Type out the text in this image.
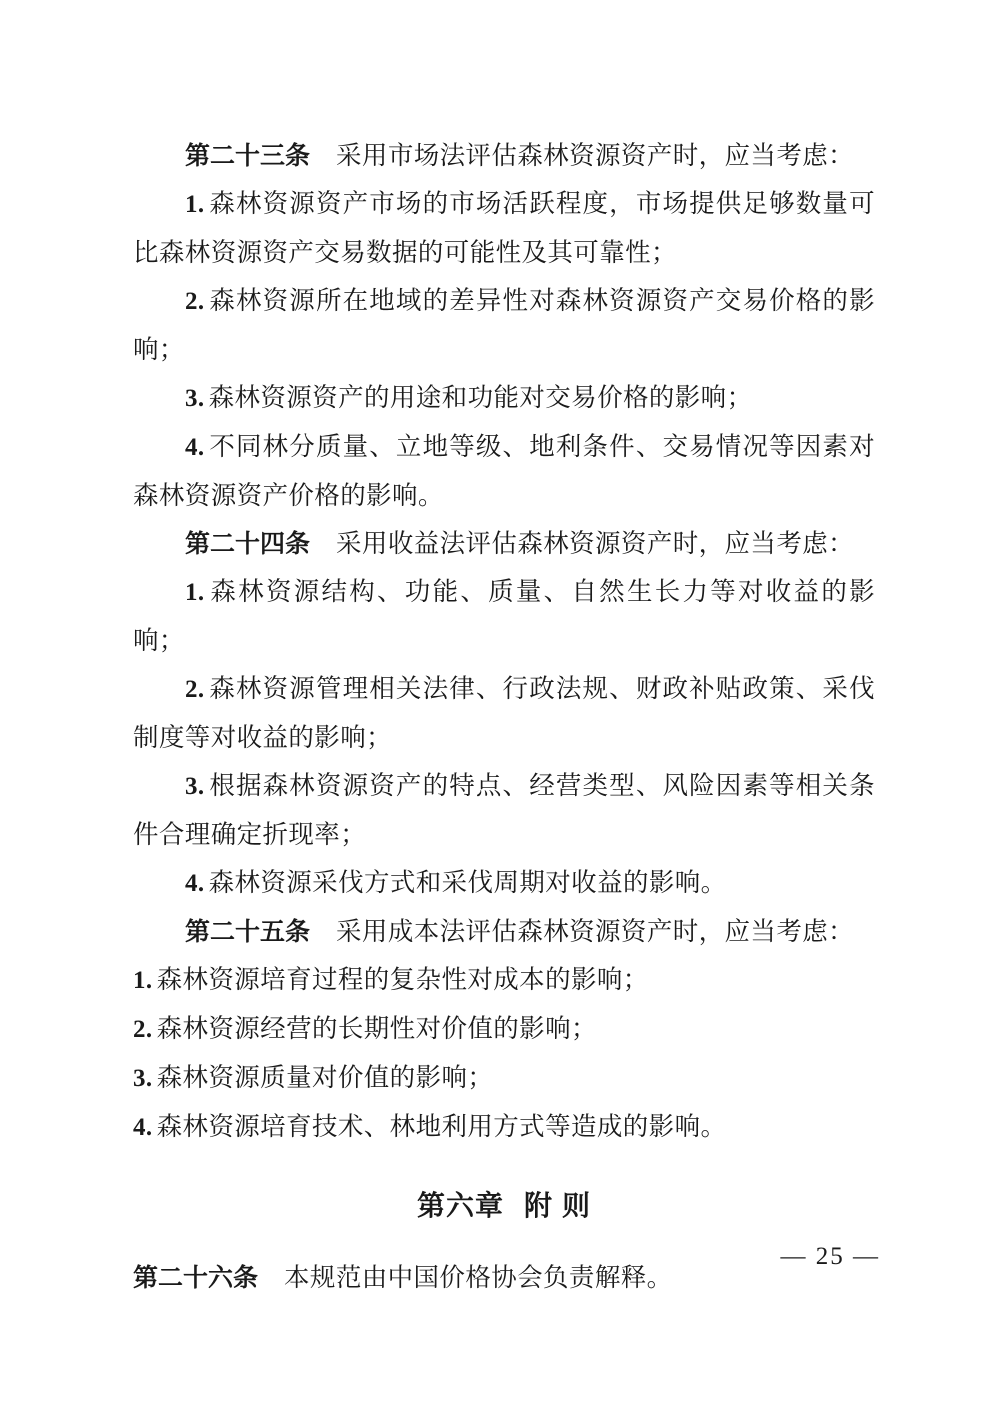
第二十三条 采用市场法评估森林资源资产时，应当考虑：

1. 森林资源资产市场的市场活跃程度，市场提供足够数量可比森林资源资产交易数据的可能性及其可靠性；

2. 森林资源所在地域的差异性对森林资源资产交易价格的影响；

3. 森林资源资产的用途和功能对交易价格的影响；

4. 不同林分质量、立地等级、地利条件、交易情况等因素对森林资源资产价格的影响。

第二十四条 采用收益法评估森林资源资产时，应当考虑：

1. 森林资源结构、功能、质量、自然生长力等对收益的影响；

2. 森林资源管理相关法律、行政法规、财政补贴政策、采伐制度等对收益的影响；

3. 根据森林资源资产的特点、经营类型、风险因素等相关条件合理确定折现率；

4. 森林资源采伐方式和采伐周期对收益的影响。

第二十五条 采用成本法评估森林资源资产时，应当考虑：

1. 森林资源培育过程的复杂性对成本的影响；

2. 森林资源经营的长期性对价值的影响；

3. 森林资源质量对价值的影响；

4. 森林资源培育技术、林地利用方式等造成的影响。

第六章 附 则

第二十六条 本规范由中国价格协会负责解释。

— 25 —
